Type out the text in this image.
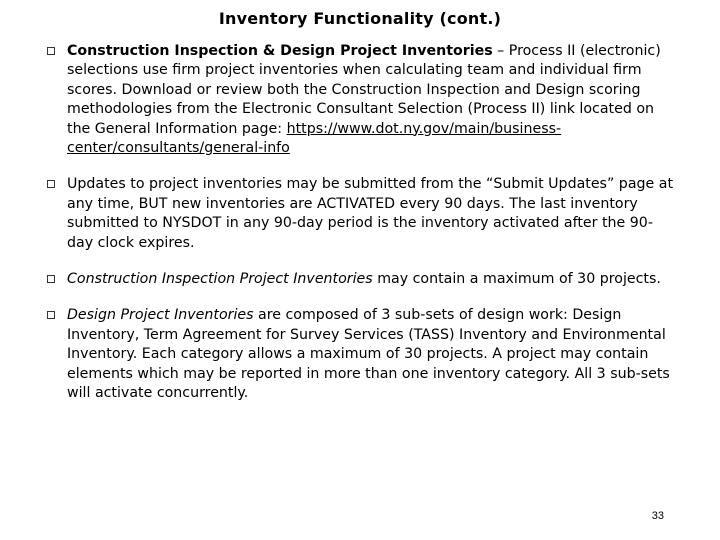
Inventory Functionality (cont.)
Construction Inspection & Design Project Inventories – Process II (electronic) selections use firm project inventories when calculating team and individual firm scores. Download or review both the Construction Inspection and Design scoring methodologies from the Electronic Consultant Selection (Process II) link located on the General Information page: https://www.dot.ny.gov/main/business-center/consultants/general-info
Updates to project inventories may be submitted from the “Submit Updates” page at any time, BUT new inventories are ACTIVATED every 90 days. The last inventory submitted to NYSDOT in any 90-day period is the inventory activated after the 90-day clock expires.
Construction Inspection Project Inventories may contain a maximum of 30 projects.
Design Project Inventories are composed of 3 sub-sets of design work: Design Inventory, Term Agreement for Survey Services (TASS) Inventory and Environmental Inventory. Each category allows a maximum of 30 projects. A project may contain elements which may be reported in more than one inventory category. All 3 sub-sets will activate concurrently.
33
